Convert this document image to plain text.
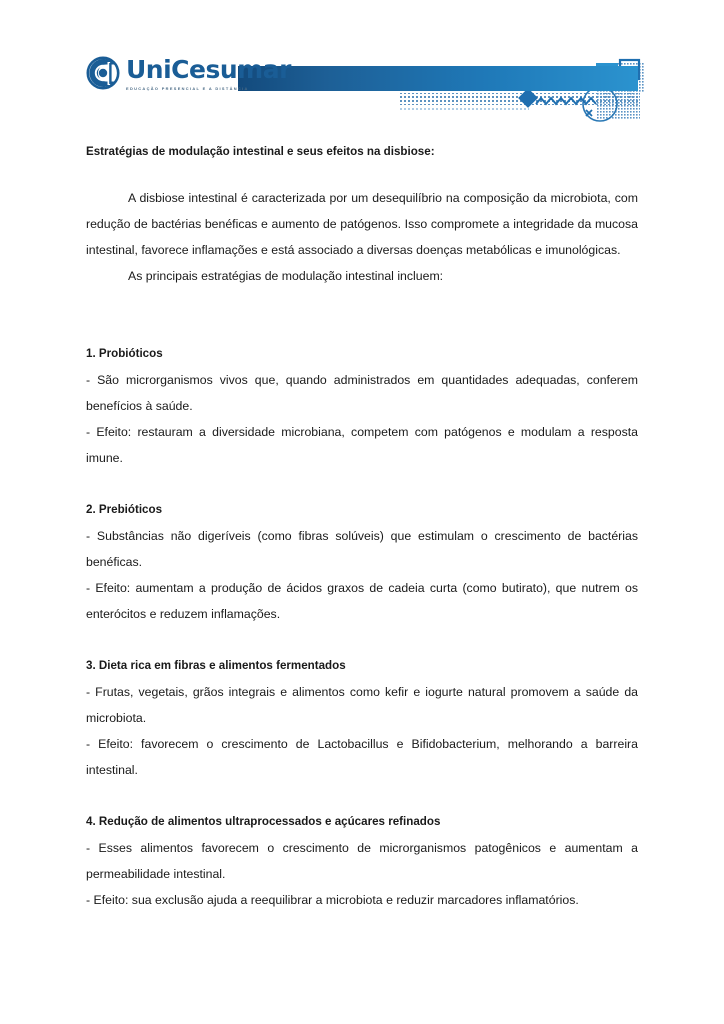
UniCesumar
EDUCAÇÃO PRESENCIAL E A DISTÂNCIA
Estratégias de modulação intestinal e seus efeitos na disbiose:

A disbiose intestinal é caracterizada por um desequilíbrio na composição da microbiota, com redução de bactérias benéficas e aumento de patógenos. Isso compromete a integridade da mucosa intestinal, favorece inflamações e está associado a diversas doenças metabólicas e imunológicas.

As principais estratégias de modulação intestinal incluem:

1. Probióticos

- São microrganismos vivos que, quando administrados em quantidades adequadas, conferem benefícios à saúde.

- Efeito: restauram a diversidade microbiana, competem com patógenos e modulam a resposta imune.

2. Prebióticos

- Substâncias não digeríveis (como fibras solúveis) que estimulam o crescimento de bactérias benéficas.

- Efeito: aumentam a produção de ácidos graxos de cadeia curta (como butirato), que nutrem os enterócitos e reduzem inflamações.

3. Dieta rica em fibras e alimentos fermentados

- Frutas, vegetais, grãos integrais e alimentos como kefir e iogurte natural promovem a saúde da microbiota.

- Efeito: favorecem o crescimento de Lactobacillus e Bifidobacterium, melhorando a barreira intestinal.

4. Redução de alimentos ultraprocessados e açúcares refinados

- Esses alimentos favorecem o crescimento de microrganismos patogênicos e aumentam a permeabilidade intestinal.

- Efeito: sua exclusão ajuda a reequilibrar a microbiota e reduzir marcadores inflamatórios.
